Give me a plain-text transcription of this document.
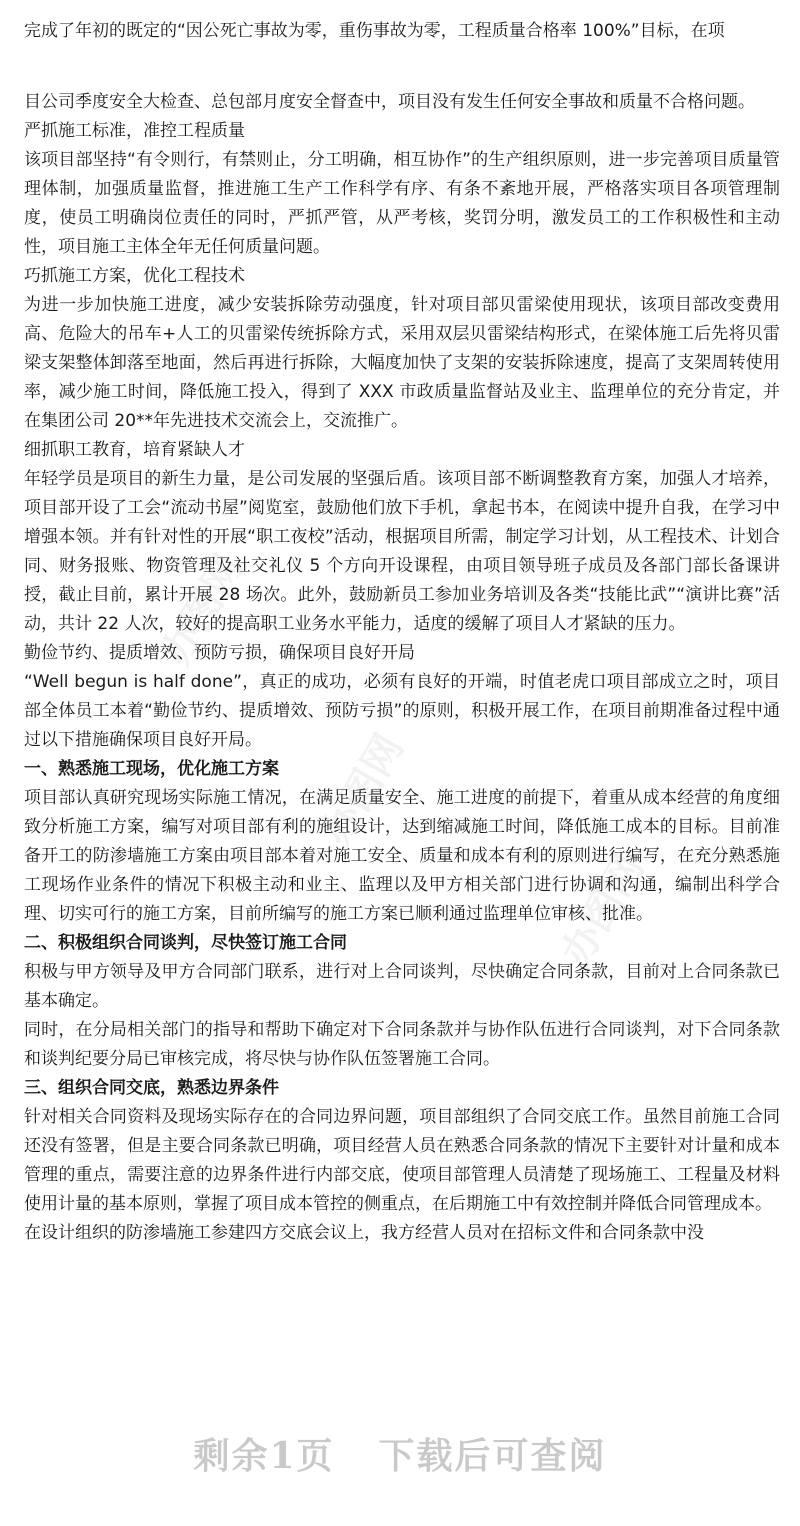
办图网
办图网
办图网

完成了年初的既定的“因公死亡事故为零，重伤事故为零，工程质量合格率 100%”目标，在项

目公司季度安全大检查、总包部月度安全督查中，项目没有发生任何安全事故和质量不合格问题。

严抓施工标准，准控工程质量

该项目部坚持“有令则行，有禁则止，分工明确，相互协作”的生产组织原则，进一步完善项目质量管理体制，加强质量监督，推进施工生产工作科学有序、有条不紊地开展，严格落实项目各项管理制度，使员工明确岗位责任的同时，严抓严管，从严考核，奖罚分明，激发员工的工作积极性和主动性，项目施工主体全年无任何质量问题。

巧抓施工方案，优化工程技术

为进一步加快施工进度，减少安装拆除劳动强度，针对项目部贝雷梁使用现状，该项目部改变费用高、危险大的吊车+人工的贝雷梁传统拆除方式，采用双层贝雷梁结构形式，在梁体施工后先将贝雷梁支架整体卸落至地面，然后再进行拆除，大幅度加快了支架的安装拆除速度，提高了支架周转使用率，减少施工时间，降低施工投入，得到了 XXX 市政质量监督站及业主、监理单位的充分肯定，并在集团公司 20**年先进技术交流会上，交流推广。

细抓职工教育，培育紧缺人才

年轻学员是项目的新生力量，是公司发展的坚强后盾。该项目部不断调整教育方案，加强人才培养，项目部开设了工会“流动书屋”阅览室，鼓励他们放下手机，拿起书本，在阅读中提升自我，在学习中增强本领。并有针对性的开展“职工夜校”活动，根据项目所需，制定学习计划，从工程技术、计划合同、财务报账、物资管理及社交礼仪 5 个方向开设课程，由项目领导班子成员及各部门部长备课讲授，截止目前，累计开展 28 场次。此外，鼓励新员工参加业务培训及各类“技能比武”“演讲比赛”活动，共计 22 人次，较好的提高职工业务水平能力，适度的缓解了项目人才紧缺的压力。

勤俭节约、提质增效、预防亏损，确保项目良好开局

“Well begun is half done”，真正的成功，必须有良好的开端，时值老虎口项目部成立之时，项目部全体员工本着“勤俭节约、提质增效、预防亏损”的原则，积极开展工作，在项目前期准备过程中通过以下措施确保项目良好开局。

一、熟悉施工现场，优化施工方案

项目部认真研究现场实际施工情况，在满足质量安全、施工进度的前提下，着重从成本经营的角度细致分析施工方案，编写对项目部有利的施组设计，达到缩减施工时间，降低施工成本的目标。目前准备开工的防渗墙施工方案由项目部本着对施工安全、质量和成本有利的原则进行编写，在充分熟悉施工现场作业条件的情况下积极主动和业主、监理以及甲方相关部门进行协调和沟通，编制出科学合理、切实可行的施工方案，目前所编写的施工方案已顺利通过监理单位审核、批准。

二、积极组织合同谈判，尽快签订施工合同

积极与甲方领导及甲方合同部门联系，进行对上合同谈判，尽快确定合同条款，目前对上合同条款已基本确定。

同时，在分局相关部门的指导和帮助下确定对下合同条款并与协作队伍进行合同谈判，对下合同条款和谈判纪要分局已审核完成，将尽快与协作队伍签署施工合同。

三、组织合同交底，熟悉边界条件

针对相关合同资料及现场实际存在的合同边界问题，项目部组织了合同交底工作。虽然目前施工合同还没有签署，但是主要合同条款已明确，项目经营人员在熟悉合同条款的情况下主要针对计量和成本管理的重点，需要注意的边界条件进行内部交底，使项目部管理人员清楚了现场施工、工程量及材料使用计量的基本原则，掌握了项目成本管控的侧重点，在后期施工中有效控制并降低合同管理成本。

在设计组织的防渗墙施工参建四方交底会议上，我方经营人员对在招标文件和合同条款中没

剩余1页 下载后可查阅
